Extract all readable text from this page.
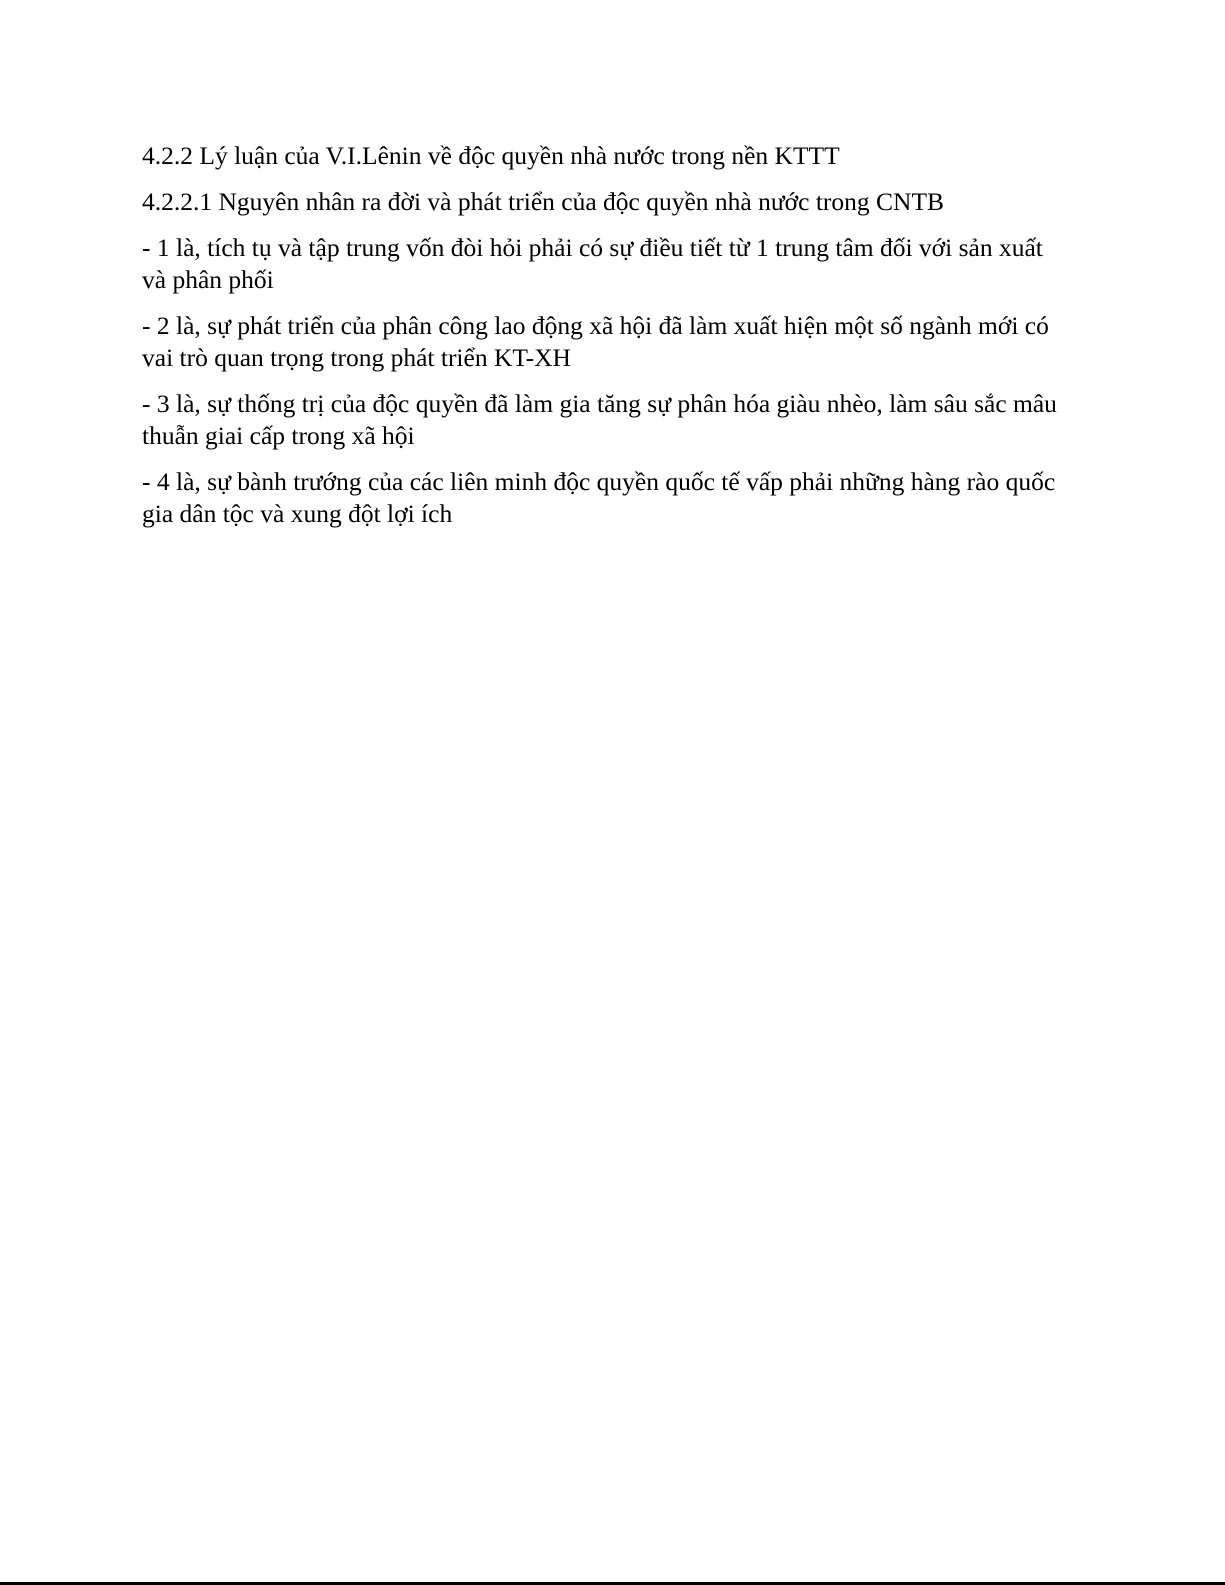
4.2.2 Lý luận của V.I.Lênin về độc quyền nhà nước trong nền KTTT

4.2.2.1 Nguyên nhân ra đời và phát triển của độc quyền nhà nước trong CNTB

- 1 là, tích tụ và tập trung vốn đòi hỏi phải có sự điều tiết từ 1 trung tâm đối với sản xuất và phân phối

- 2 là, sự phát triển của phân công lao động xã hội đã làm xuất hiện một số ngành mới có vai trò quan trọng trong phát triển KT-XH

- 3 là, sự thống trị của độc quyền đã làm gia tăng sự phân hóa giàu nhèo, làm sâu sắc mâu thuẫn giai cấp trong xã hội

- 4 là, sự bành trướng của các liên minh độc quyền quốc tế vấp phải những hàng rào quốc gia dân tộc và xung đột lợi ích
